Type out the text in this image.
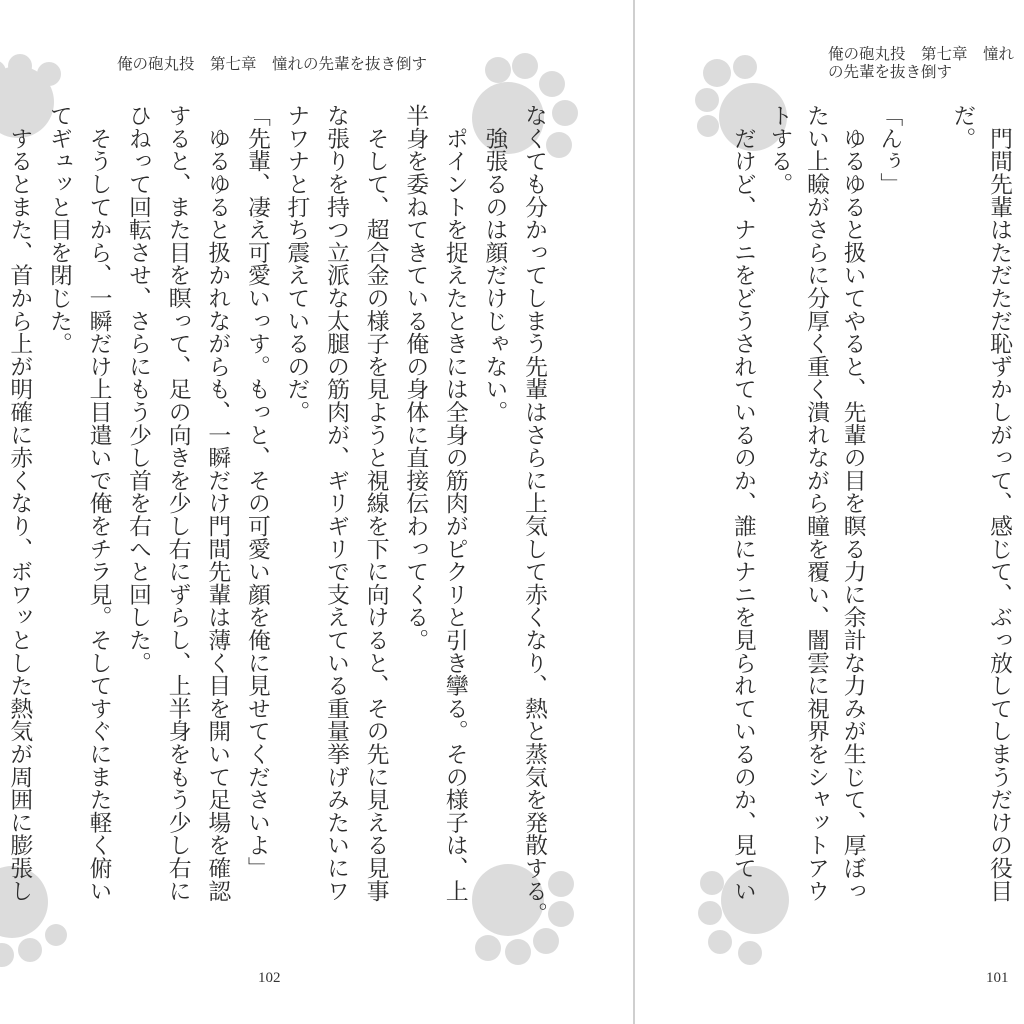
俺の砲丸投　第七章　憧れの先輩を抜き倒す
なくても分かってしまう先輩はさらに上気して赤くなり、熱と蒸気を発散する。
　強張るのは顔だけじゃない。
　ポイントを捉えたときには全身の筋肉がピクリと引き攣る。その様子は、上
半身を委ねてきている俺の身体に直接伝わってくる。
　そして、超合金の様子を見ようと視線を下に向けると、その先に見える見事
な張りを持つ立派な太腿の筋肉が、ギリギリで支えている重量挙げみたいにワ
ナワナと打ち震えているのだ。
「先輩、凄え可愛いっす。もっと、その可愛い顔を俺に見せてくださいよ」
　ゆるゆると扱かれながらも、一瞬だけ門間先輩は薄く目を開いて足場を確認
すると、また目を瞑って、足の向きを少し右にずらし、上半身をもう少し右に
ひねって回転させ、さらにもう少し首を右へと回した。
　そうしてから、一瞬だけ上目遣いで俺をチラ見。そしてすぐにまた軽く俯い
てギュッと目を閉じた。
　するとまた、首から上が明確に赤くなり、ボワッとした熱気が周囲に膨張し
102
俺の砲丸投　第七章　憧れの先輩を抜き倒す
　門間先輩はただただ恥ずかしがって、感じて、ぶっ放してしまうだけの役目
だ。
「んぅ」
　ゆるゆると扱いてやると、先輩の目を瞑る力に余計な力みが生じて、厚ぼっ
たい上瞼がさらに分厚く重く潰れながら瞳を覆い、闇雲に視界をシャットアウ
トする。
　だけど、ナニをどうされているのか、誰にナニを見られているのか、見てい
101
